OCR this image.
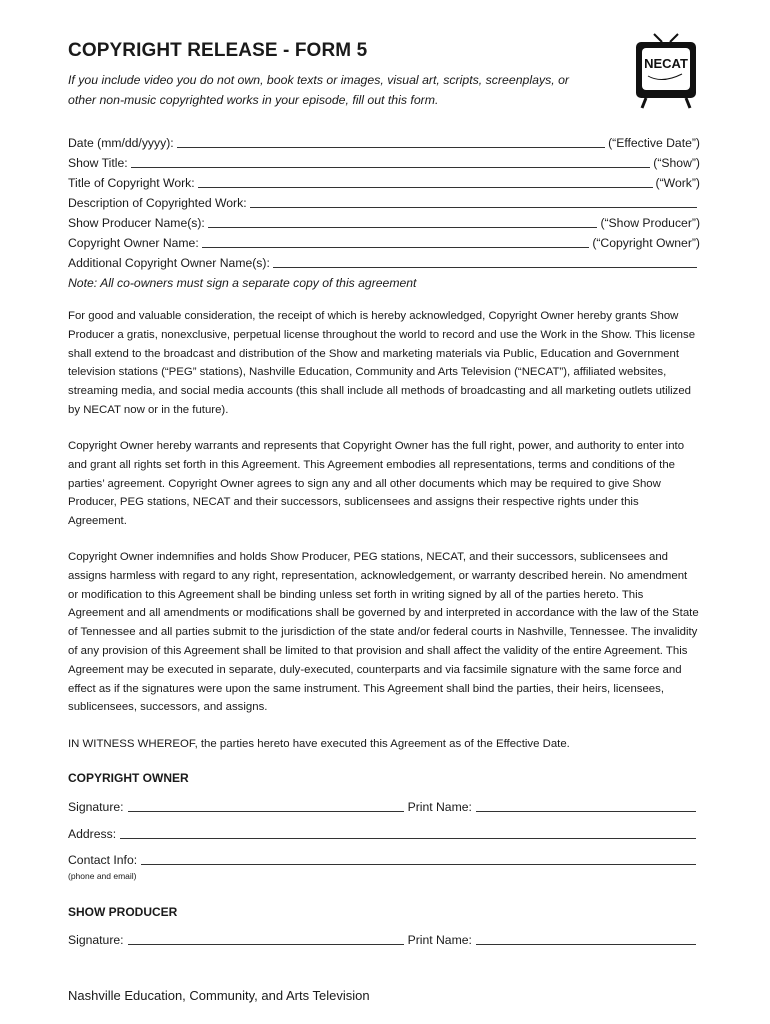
COPYRIGHT RELEASE - FORM 5
If you include video you do not own, book texts or images, visual art, scripts, screenplays, or
other non-music copyrighted works in your episode, fill out this form.
NECAT
Date (mm/dd/yyyy):	(“Effective Date”)
Show Title:	(“Show”)
Title of Copyright Work:	(“Work”)
Description of Copyrighted Work:
Show Producer Name(s):	(“Show Producer”)
Copyright Owner Name:	(“Copyright Owner”)
Additional Copyright Owner Name(s):
Note: All co-owners must sign a separate copy of this agreement
For good and valuable consideration, the receipt of which is hereby acknowledged, Copyright Owner hereby grants Show Producer a gratis, nonexclusive, perpetual license throughout the world to record and use the Work in the Show. This license shall extend to the broadcast and distribution of the Show and marketing materials via Public, Education and Government television stations (“PEG” stations), Nashville Education, Community and Arts Television (“NECAT”), affiliated websites, streaming media, and social media accounts (this shall include all methods of broadcasting and all marketing outlets utilized by NECAT now or in the future).
Copyright Owner hereby warrants and represents that Copyright Owner has the full right, power, and authority to enter into and grant all rights set forth in this Agreement. This Agreement embodies all representations, terms and conditions of the parties’ agreement. Copyright Owner agrees to sign any and all other documents which may be required to give Show Producer, PEG stations, NECAT and their successors, sublicensees and assigns their respective rights under this Agreement.
Copyright Owner indemnifies and holds Show Producer, PEG stations, NECAT, and their successors, sublicensees and assigns harmless with regard to any right, representation, acknowledgement, or warranty described herein. No amendment or modification to this Agreement shall be binding unless set forth in writing signed by all of the parties hereto. This Agreement and all amendments or modifications shall be governed by and interpreted in accordance with the law of the State of Tennessee and all parties submit to the jurisdiction of the state and/or federal courts in Nashville, Tennessee. The invalidity of any provision of this Agreement shall be limited to that provision and shall affect the validity of the entire Agreement. This Agreement may be executed in separate, duly-executed, counterparts and via facsimile signature with the same force and effect as if the signatures were upon the same instrument. This Agreement shall bind the parties, their heirs, licensees, sublicensees, successors, and assigns.
IN WITNESS WHEREOF, the parties hereto have executed this Agreement as of the Effective Date.
COPYRIGHT OWNER
Signature:	Print Name:
Address:
Contact Info:
(phone and email)
SHOW PRODUCER
Signature:	Print Name:
Nashville Education, Community, and Arts Television
